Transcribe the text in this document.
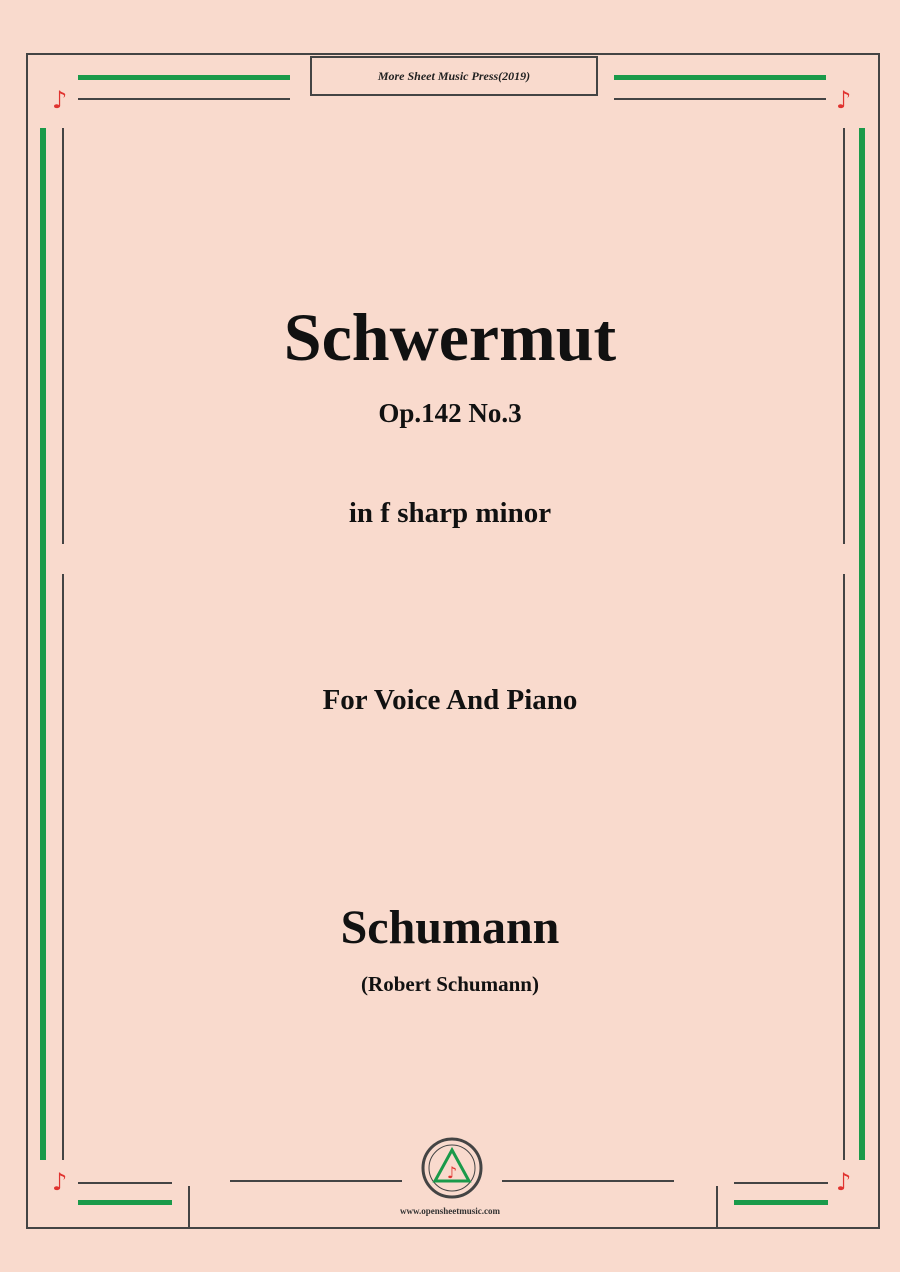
♪	♪
♪	♪
More Sheet Music Press(2019)
Schwermut
Op.142 No.3
in f sharp minor
For Voice And Piano
Schumann
(Robert Schumann)
♪
www.opensheetmusic.com
